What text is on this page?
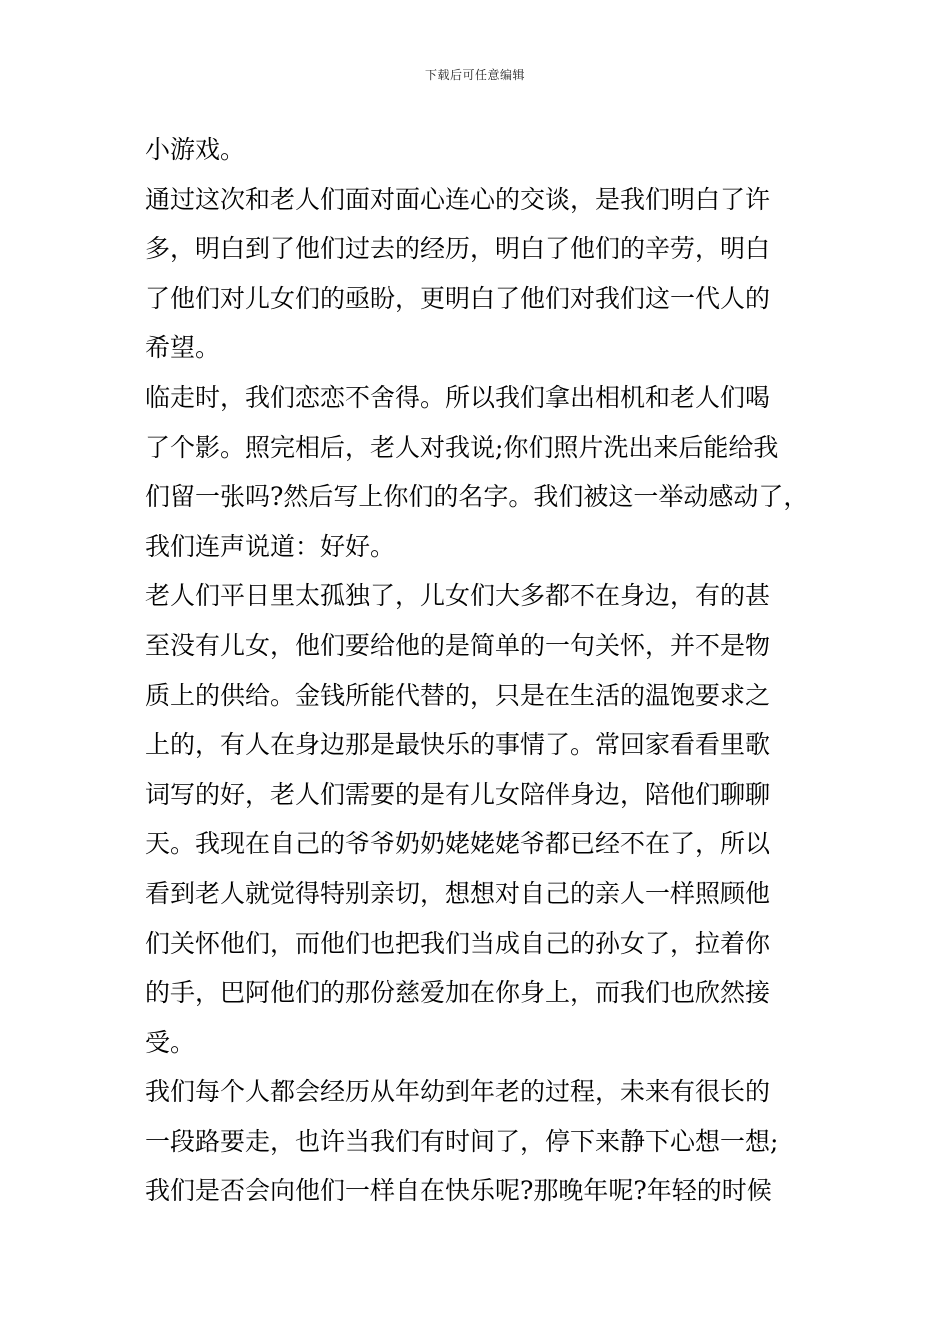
下载后可任意编辑
小游戏。
通过这次和老人们面对面心连心的交谈，是我们明白了许
多，明白到了他们过去的经历，明白了他们的辛劳，明白
了他们对儿女们的亟盼，更明白了他们对我们这一代人的
希望。
临走时，我们恋恋不舍得。所以我们拿出相机和老人们喝
了个影。照完相后，老人对我说;你们照片洗出来后能给我
们留一张吗?然后写上你们的名字。我们被这一举动感动了，
我们连声说道：好好。
老人们平日里太孤独了，儿女们大多都不在身边，有的甚
至没有儿女，他们要给他的是简单的一句关怀，并不是物
质上的供给。金钱所能代替的，只是在生活的温饱要求之
上的，有人在身边那是最快乐的事情了。常回家看看里歌
词写的好，老人们需要的是有儿女陪伴身边，陪他们聊聊
天。我现在自己的爷爷奶奶姥姥姥爷都已经不在了，所以
看到老人就觉得特别亲切，想想对自己的亲人一样照顾他
们关怀他们，而他们也把我们当成自己的孙女了，拉着你
的手，巴阿他们的那份慈爱加在你身上，而我们也欣然接
受。
我们每个人都会经历从年幼到年老的过程，未来有很长的
一段路要走，也许当我们有时间了，停下来静下心想一想;
我们是否会向他们一样自在快乐呢?那晚年呢?年轻的时候
